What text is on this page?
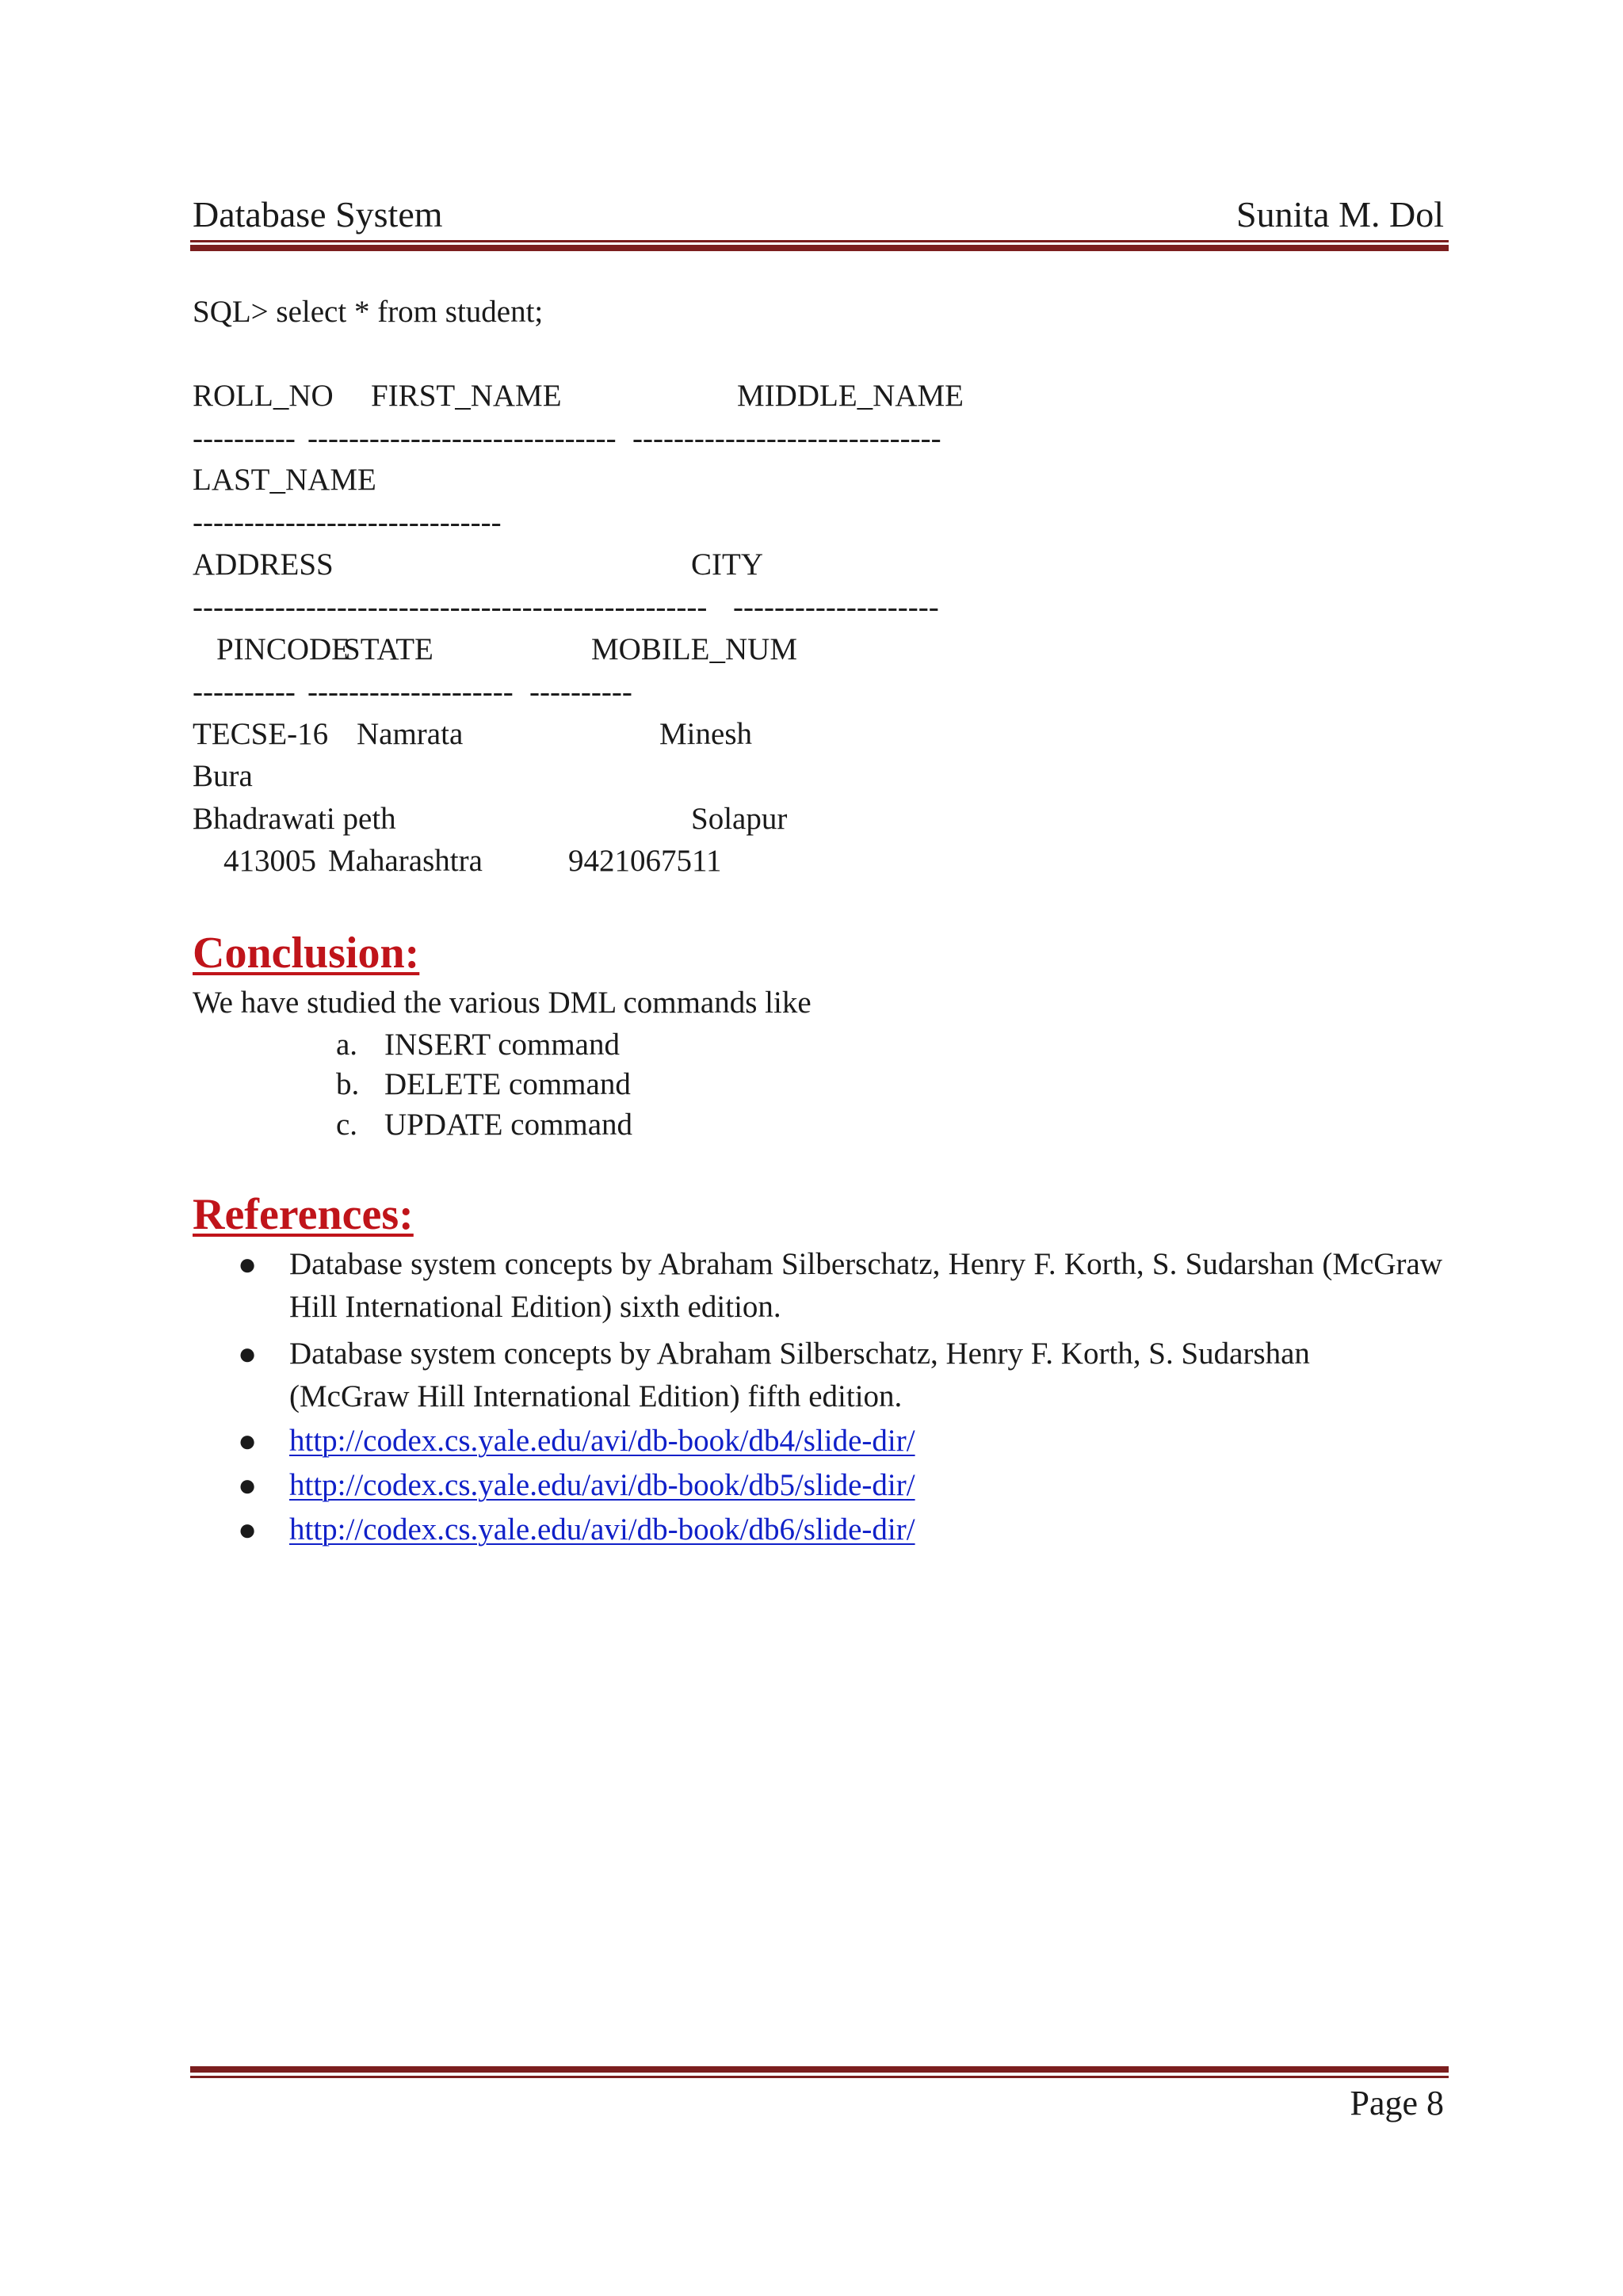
Database System	Sunita M. Dol
SQL> select * from student;
ROLL_NO FIRST_NAME	MIDDLE_NAME
---------- ------------------------------ ------------------------------
LAST_NAME
------------------------------
ADDRESS	CITY
-------------------------------------------------- --------------------
PINCODE
STATE	MOBILE_NUM
---------- -------------------- ----------
TECSE-16 Namrata	Minesh
Bura
Bhadrawati peth	Solapur
413005 Maharashtra	9421067511
Conclusion:
We have studied the various DML commands like
a. INSERT command
b. DELETE command
c. UPDATE command
References:
● Database system concepts by Abraham Silberschatz, Henry F. Korth, S. Sudarshan (McGraw Hill International Edition) sixth edition.
● Database system concepts by Abraham Silberschatz, Henry F. Korth, S. Sudarshan (McGraw Hill International Edition) fifth edition.
● http://codex.cs.yale.edu/avi/db-book/db4/slide-dir/
● http://codex.cs.yale.edu/avi/db-book/db5/slide-dir/
● http://codex.cs.yale.edu/avi/db-book/db6/slide-dir/
Page 8
